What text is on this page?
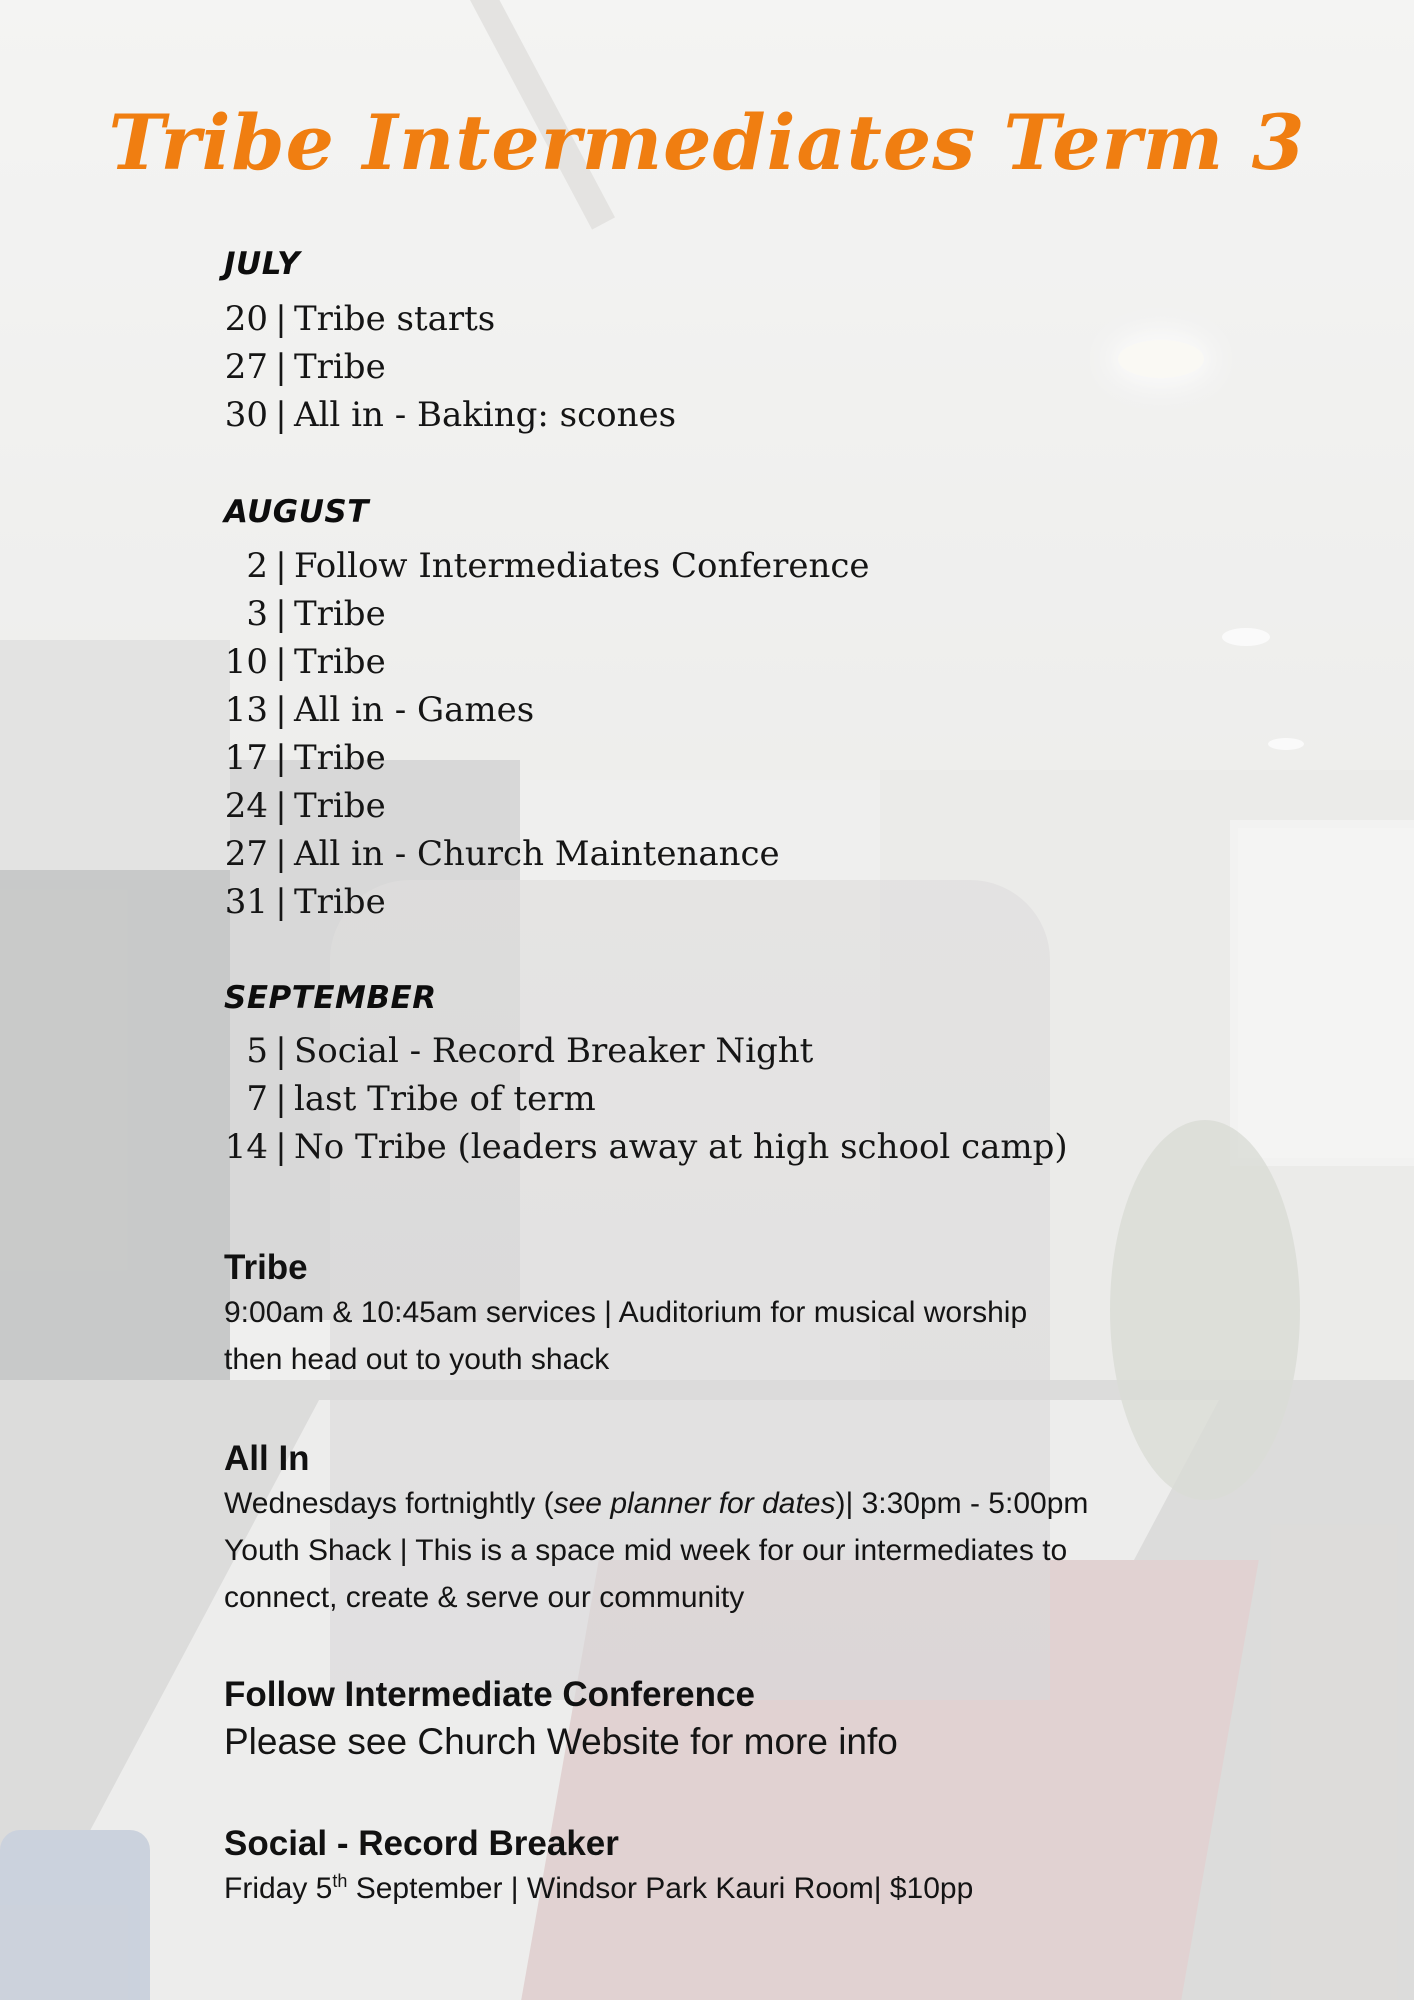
Tribe Intermediates Term 3
JULY
20 | Tribe starts
27 | Tribe
30 | All in - Baking: scones
AUGUST
2 | Follow Intermediates Conference
3 | Tribe
10 | Tribe
13 | All in - Games
17 | Tribe
24 | Tribe
27 | All in - Church Maintenance
31 | Tribe
SEPTEMBER
5 | Social - Record Breaker Night
7 | last Tribe of term
14 | No Tribe (leaders away at high school camp)
Tribe

9:00am & 10:45am services | Auditorium for musical worship
then head out to youth shack

All In

Wednesdays fortnightly (see planner for dates)| 3:30pm - 5:00pm
Youth Shack | This is a space mid week for our intermediates to
connect, create & serve our community

Follow Intermediate Conference

Please see Church Website for more info

Social - Record Breaker

Friday 5th September | Windsor Park Kauri Room| $10pp
